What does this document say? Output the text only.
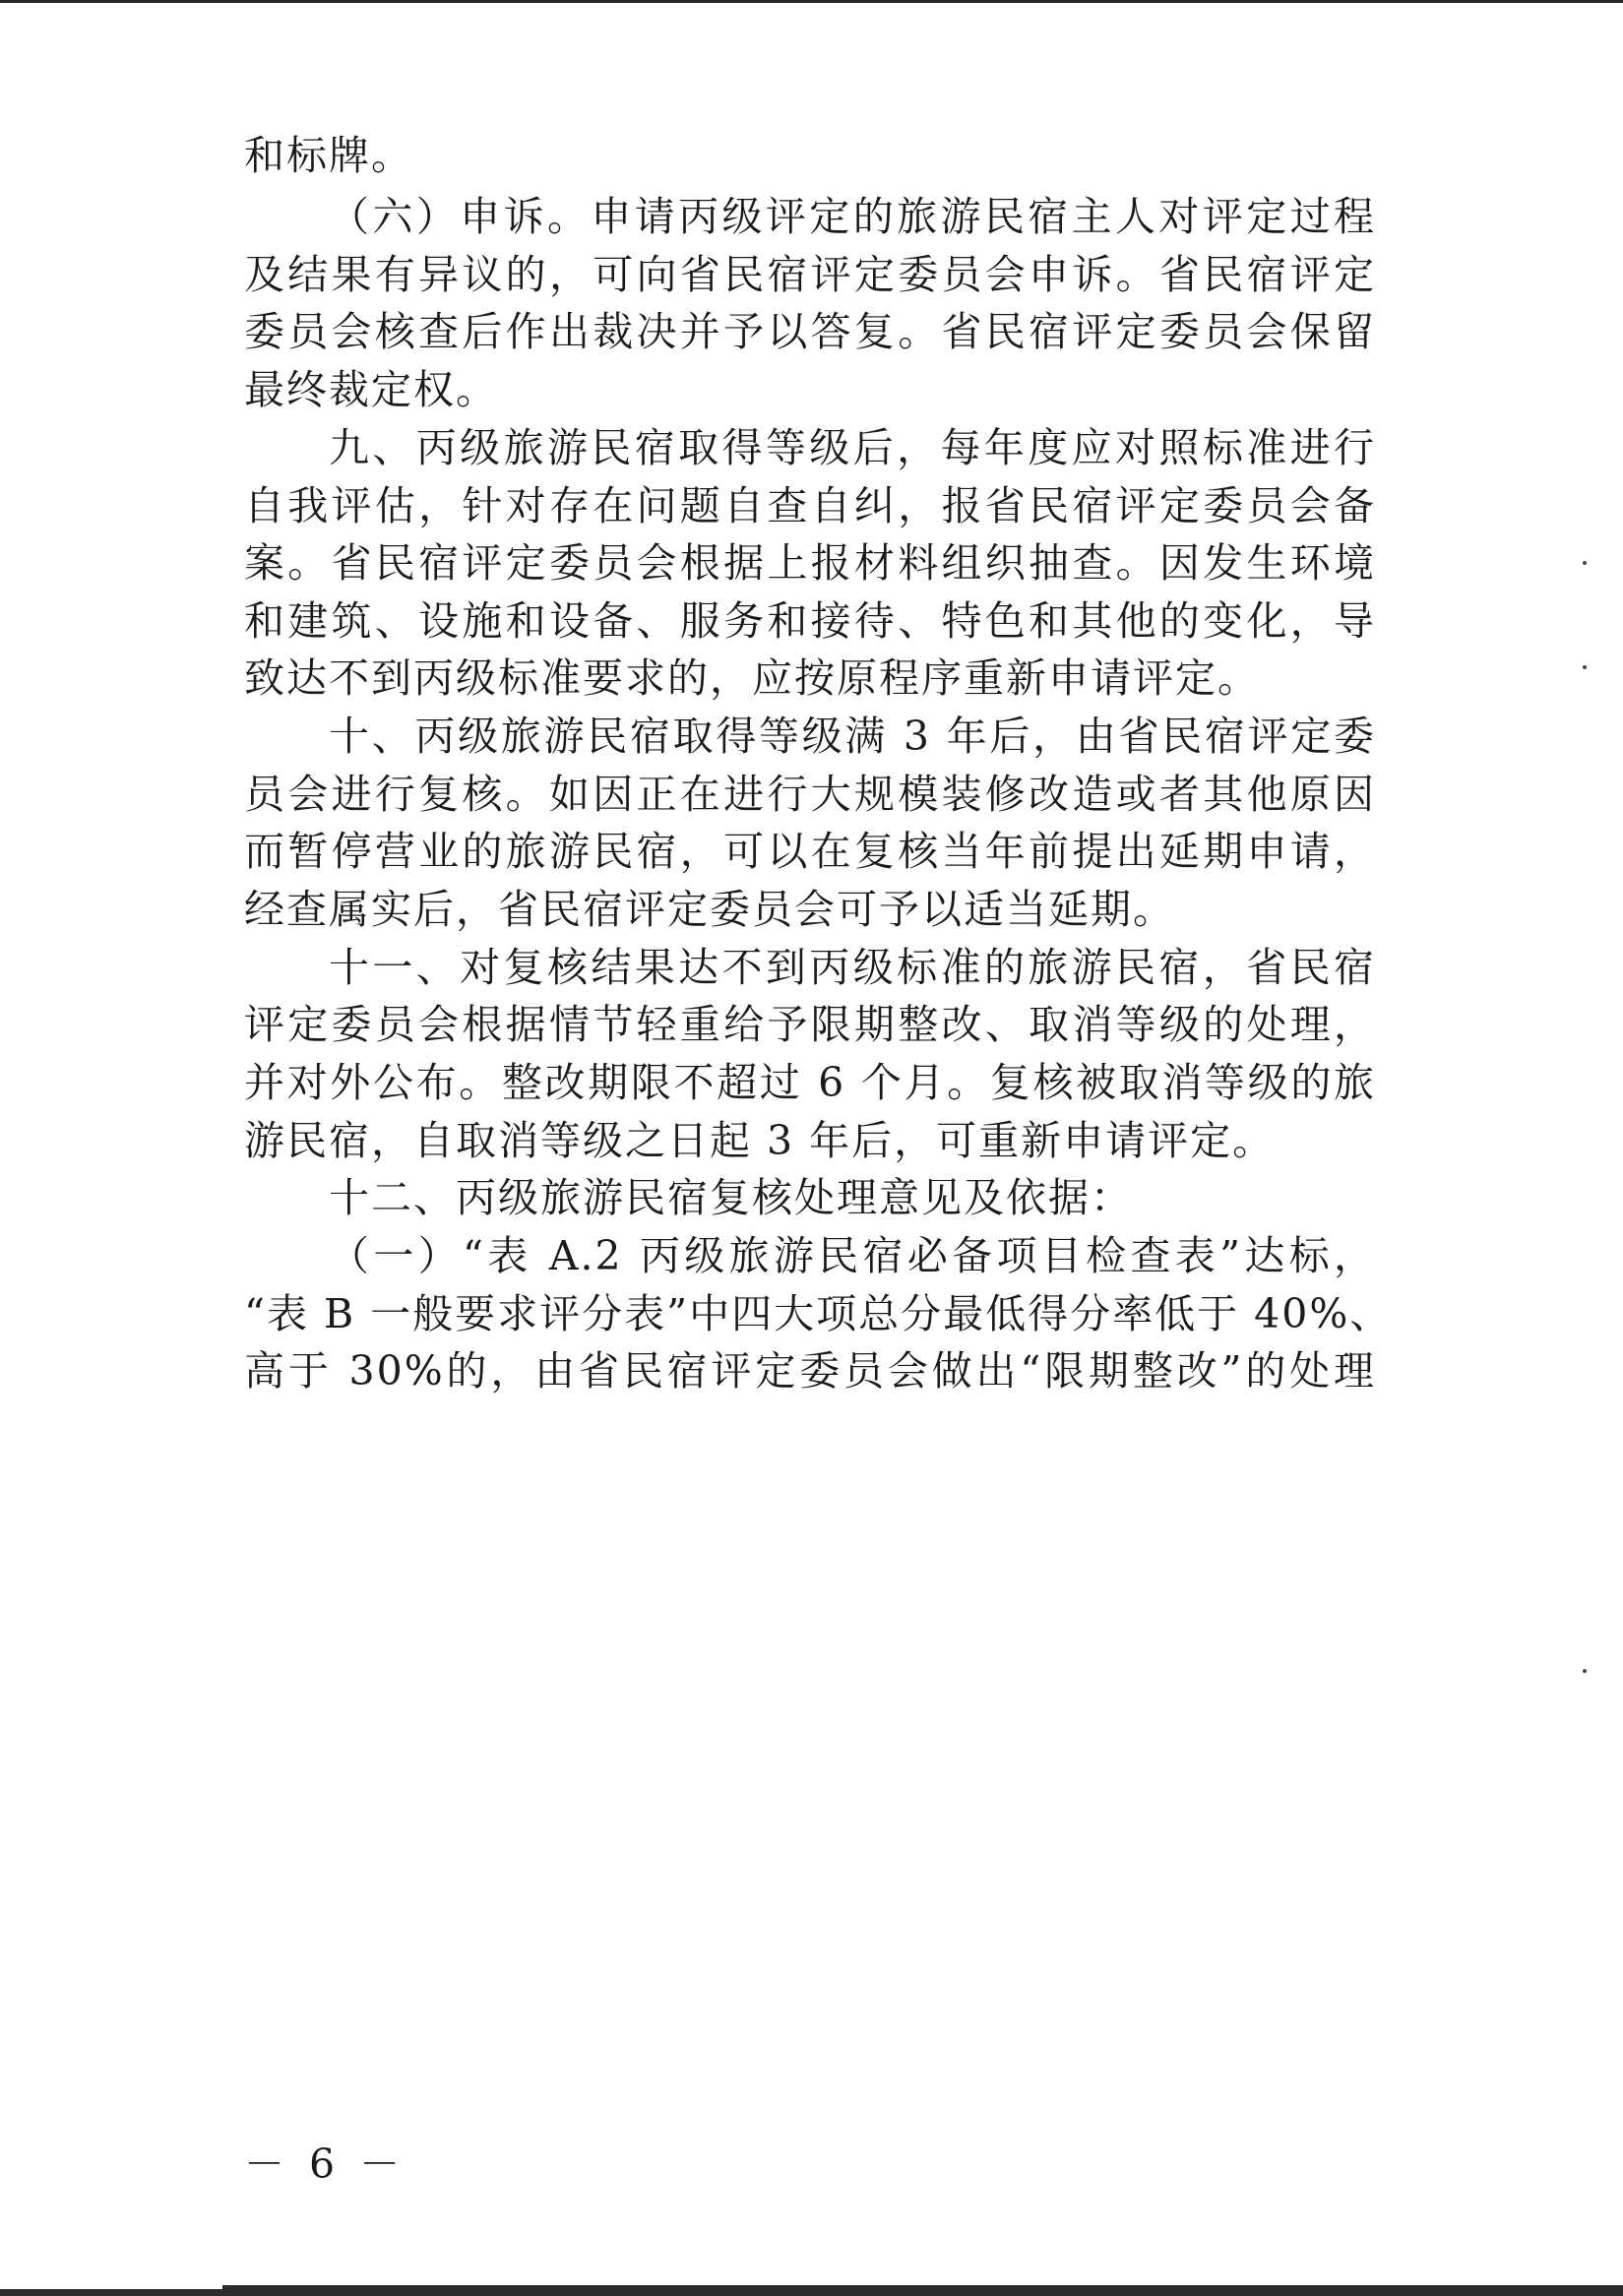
和标牌。
（六）申诉。申请丙级评定的旅游民宿主人对评定过程
及结果有异议的，可向省民宿评定委员会申诉。省民宿评定
委员会核查后作出裁决并予以答复。省民宿评定委员会保留
最终裁定权。
九、丙级旅游民宿取得等级后，每年度应对照标准进行
自我评估，针对存在问题自查自纠，报省民宿评定委员会备
案。省民宿评定委员会根据上报材料组织抽查。因发生环境
和建筑、设施和设备、服务和接待、特色和其他的变化，导
致达不到丙级标准要求的，应按原程序重新申请评定。
十、丙级旅游民宿取得等级满 3 年后，由省民宿评定委
员会进行复核。如因正在进行大规模装修改造或者其他原因
而暂停营业的旅游民宿，可以在复核当年前提出延期申请，
经查属实后，省民宿评定委员会可予以适当延期。
十一、对复核结果达不到丙级标准的旅游民宿，省民宿
评定委员会根据情节轻重给予限期整改、取消等级的处理，
并对外公布。整改期限不超过 6 个月。复核被取消等级的旅
游民宿，自取消等级之日起 3 年后，可重新申请评定。
十二、丙级旅游民宿复核处理意见及依据：
（一）“表 A.2 丙级旅游民宿必备项目检查表”达标，
“表 B 一般要求评分表”中四大项总分最低得分率低于 40%、
高于 30%的，由省民宿评定委员会做出“限期整改”的处理
－ 6 －
